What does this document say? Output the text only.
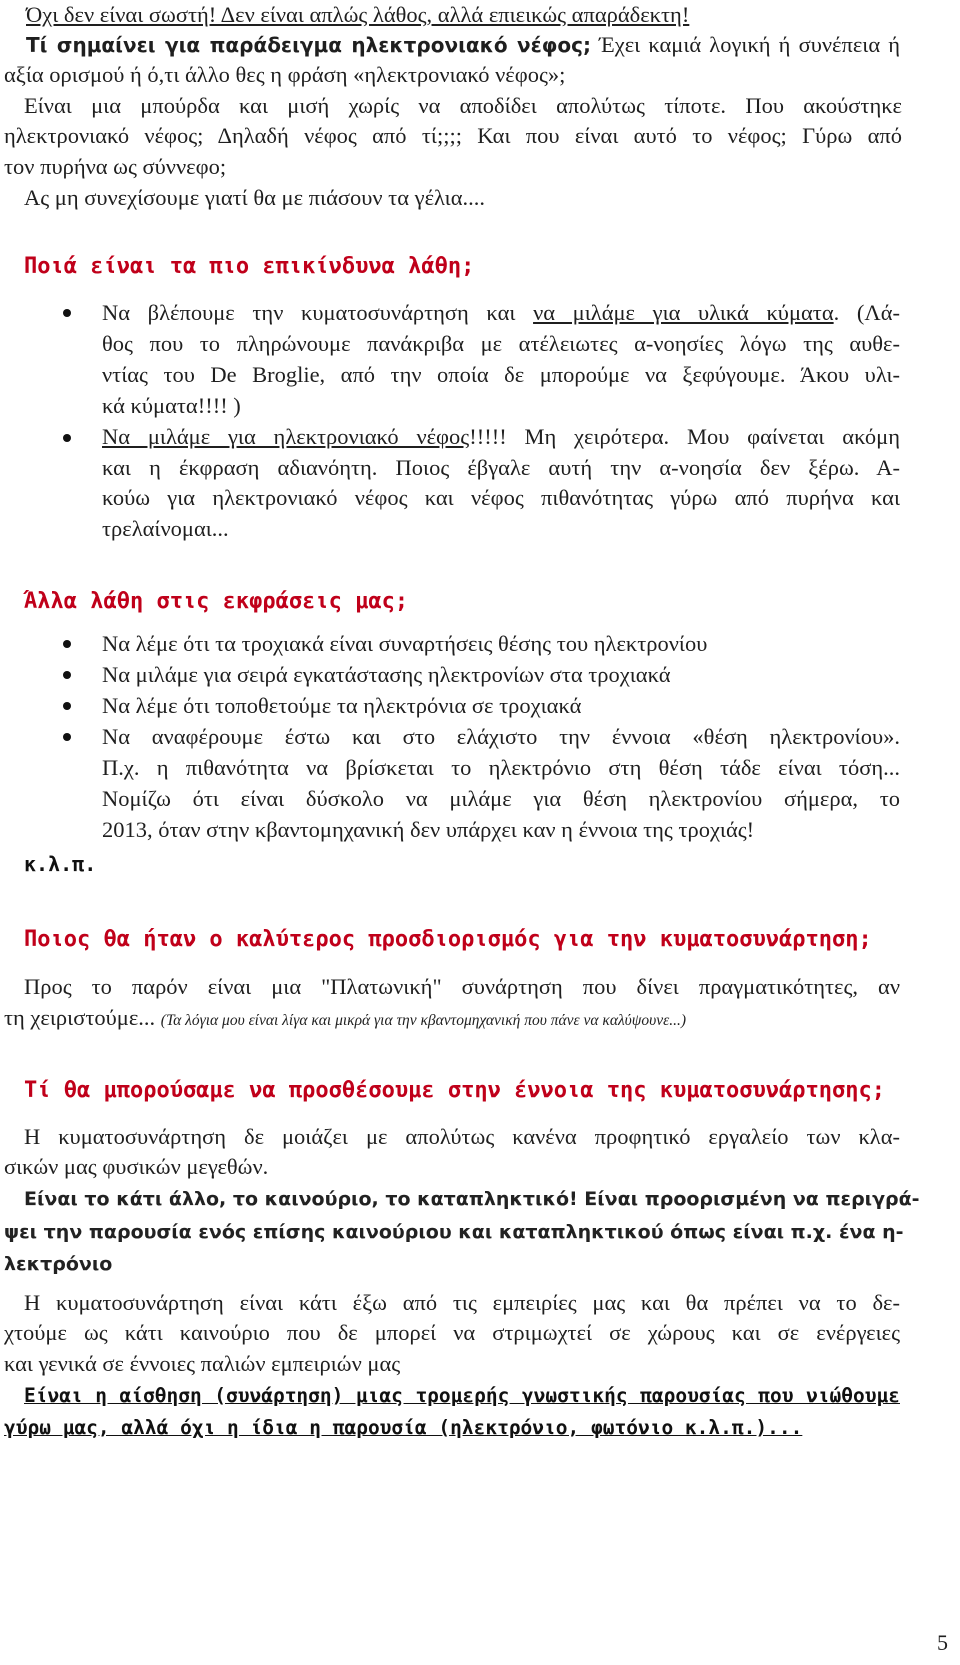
Όχι δεν είναι σωστή! Δεν είναι απλώς λάθος, αλλά επιεικώς απαράδεκτη!
Τί σημαίνει για παράδειγμα ηλεκτρονιακό νέφος; Έχει καμιά λογική ή συνέπεια ή
αξία ορισμού ή ό,τι άλλο θες η φράση «ηλεκτρονιακό νέφος»;
Είναι μια μπούρδα και μισή χωρίς να αποδίδει απολύτως τίποτε. Που ακούστηκε
ηλεκτρονιακό νέφος; Δηλαδή νέφος από τί;;;; Και που είναι αυτό το νέφος; Γύρω από
τον πυρήνα ως σύννεφο;
Ας μη συνεχίσουμε γιατί θα με πιάσουν τα γέλια....
Ποιά είναι τα πιο επικίνδυνα λάθη;
Να βλέπουμε την κυματοσυνάρτηση και να μιλάμε για υλικά κύματα. (Λά-
θος που το πληρώνουμε πανάκριβα με ατέλειωτες α-νοησίες λόγω της αυθε-
ντίας του De Broglie, από την οποία δε μπορούμε να ξεφύγουμε. Άκου υλι-
κά κύματα!!!! )
Να μιλάμε για ηλεκτρονιακό νέφος!!!!! Μη χειρότερα. Μου φαίνεται ακόμη
και η έκφραση αδιανόητη. Ποιος έβγαλε αυτή την α-νοησία δεν ξέρω. Α-
κούω για ηλεκτρονιακό νέφος και νέφος πιθανότητας γύρω από πυρήνα και
τρελαίνομαι...
Άλλα λάθη στις εκφράσεις μας;
Να λέμε ότι τα τροχιακά είναι συναρτήσεις θέσης του ηλεκτρονίου
Να μιλάμε για σειρά εγκατάστασης ηλεκτρονίων στα τροχιακά
Να λέμε ότι τοποθετούμε τα ηλεκτρόνια σε τροχιακά
Να αναφέρουμε έστω και στο ελάχιστο την έννοια «θέση ηλεκτρονίου».
Π.χ. η πιθανότητα να βρίσκεται το ηλεκτρόνιο στη θέση τάδε είναι τόση...
Νομίζω ότι είναι δύσκολο να μιλάμε για θέση ηλεκτρονίου σήμερα, το
2013, όταν στην κβαντομηχανική δεν υπάρχει καν η έννοια της τροχιάς!
κ.λ.π.
Ποιος θα ήταν ο καλύτερος προσδιορισμός για την κυματοσυνάρτηση;
Προς το παρόν είναι μια "Πλατωνική" συνάρτηση που δίνει πραγματικότητες, αν
τη χειριστούμε... (Τα λόγια μου είναι λίγα και μικρά για την κβαντομηχανική που πάνε να καλύψουνε...)
Τί θα μπορούσαμε να προσθέσουμε στην έννοια της κυματοσυνάρτησης;
Η κυματοσυνάρτηση δε μοιάζει με απολύτως κανένα προφητικό εργαλείο των κλα-
σικών μας φυσικών μεγεθών.
Είναι το κάτι άλλο, το καινούριο, το καταπληκτικό! Είναι προορισμένη να περιγρά-
ψει την παρουσία ενός επίσης καινούριου και καταπληκτικού όπως είναι π.χ. ένα η-
λεκτρόνιο
Η κυματοσυνάρτηση είναι κάτι έξω από τις εμπειρίες μας και θα πρέπει να το δε-
χτούμε ως κάτι καινούριο που δε μπορεί να στριμωχτεί σε χώρους και σε ενέργειες
και γενικά σε έννοιες παλιών εμπειριών μας
Είναι η αίσθηση (συνάρτηση) μιας τρομερής γνωστικής παρουσίας που νιώθουμε
γύρω μας, αλλά όχι η ίδια η παρουσία (ηλεκτρόνιο, φωτόνιο κ.λ.π.)...
5
